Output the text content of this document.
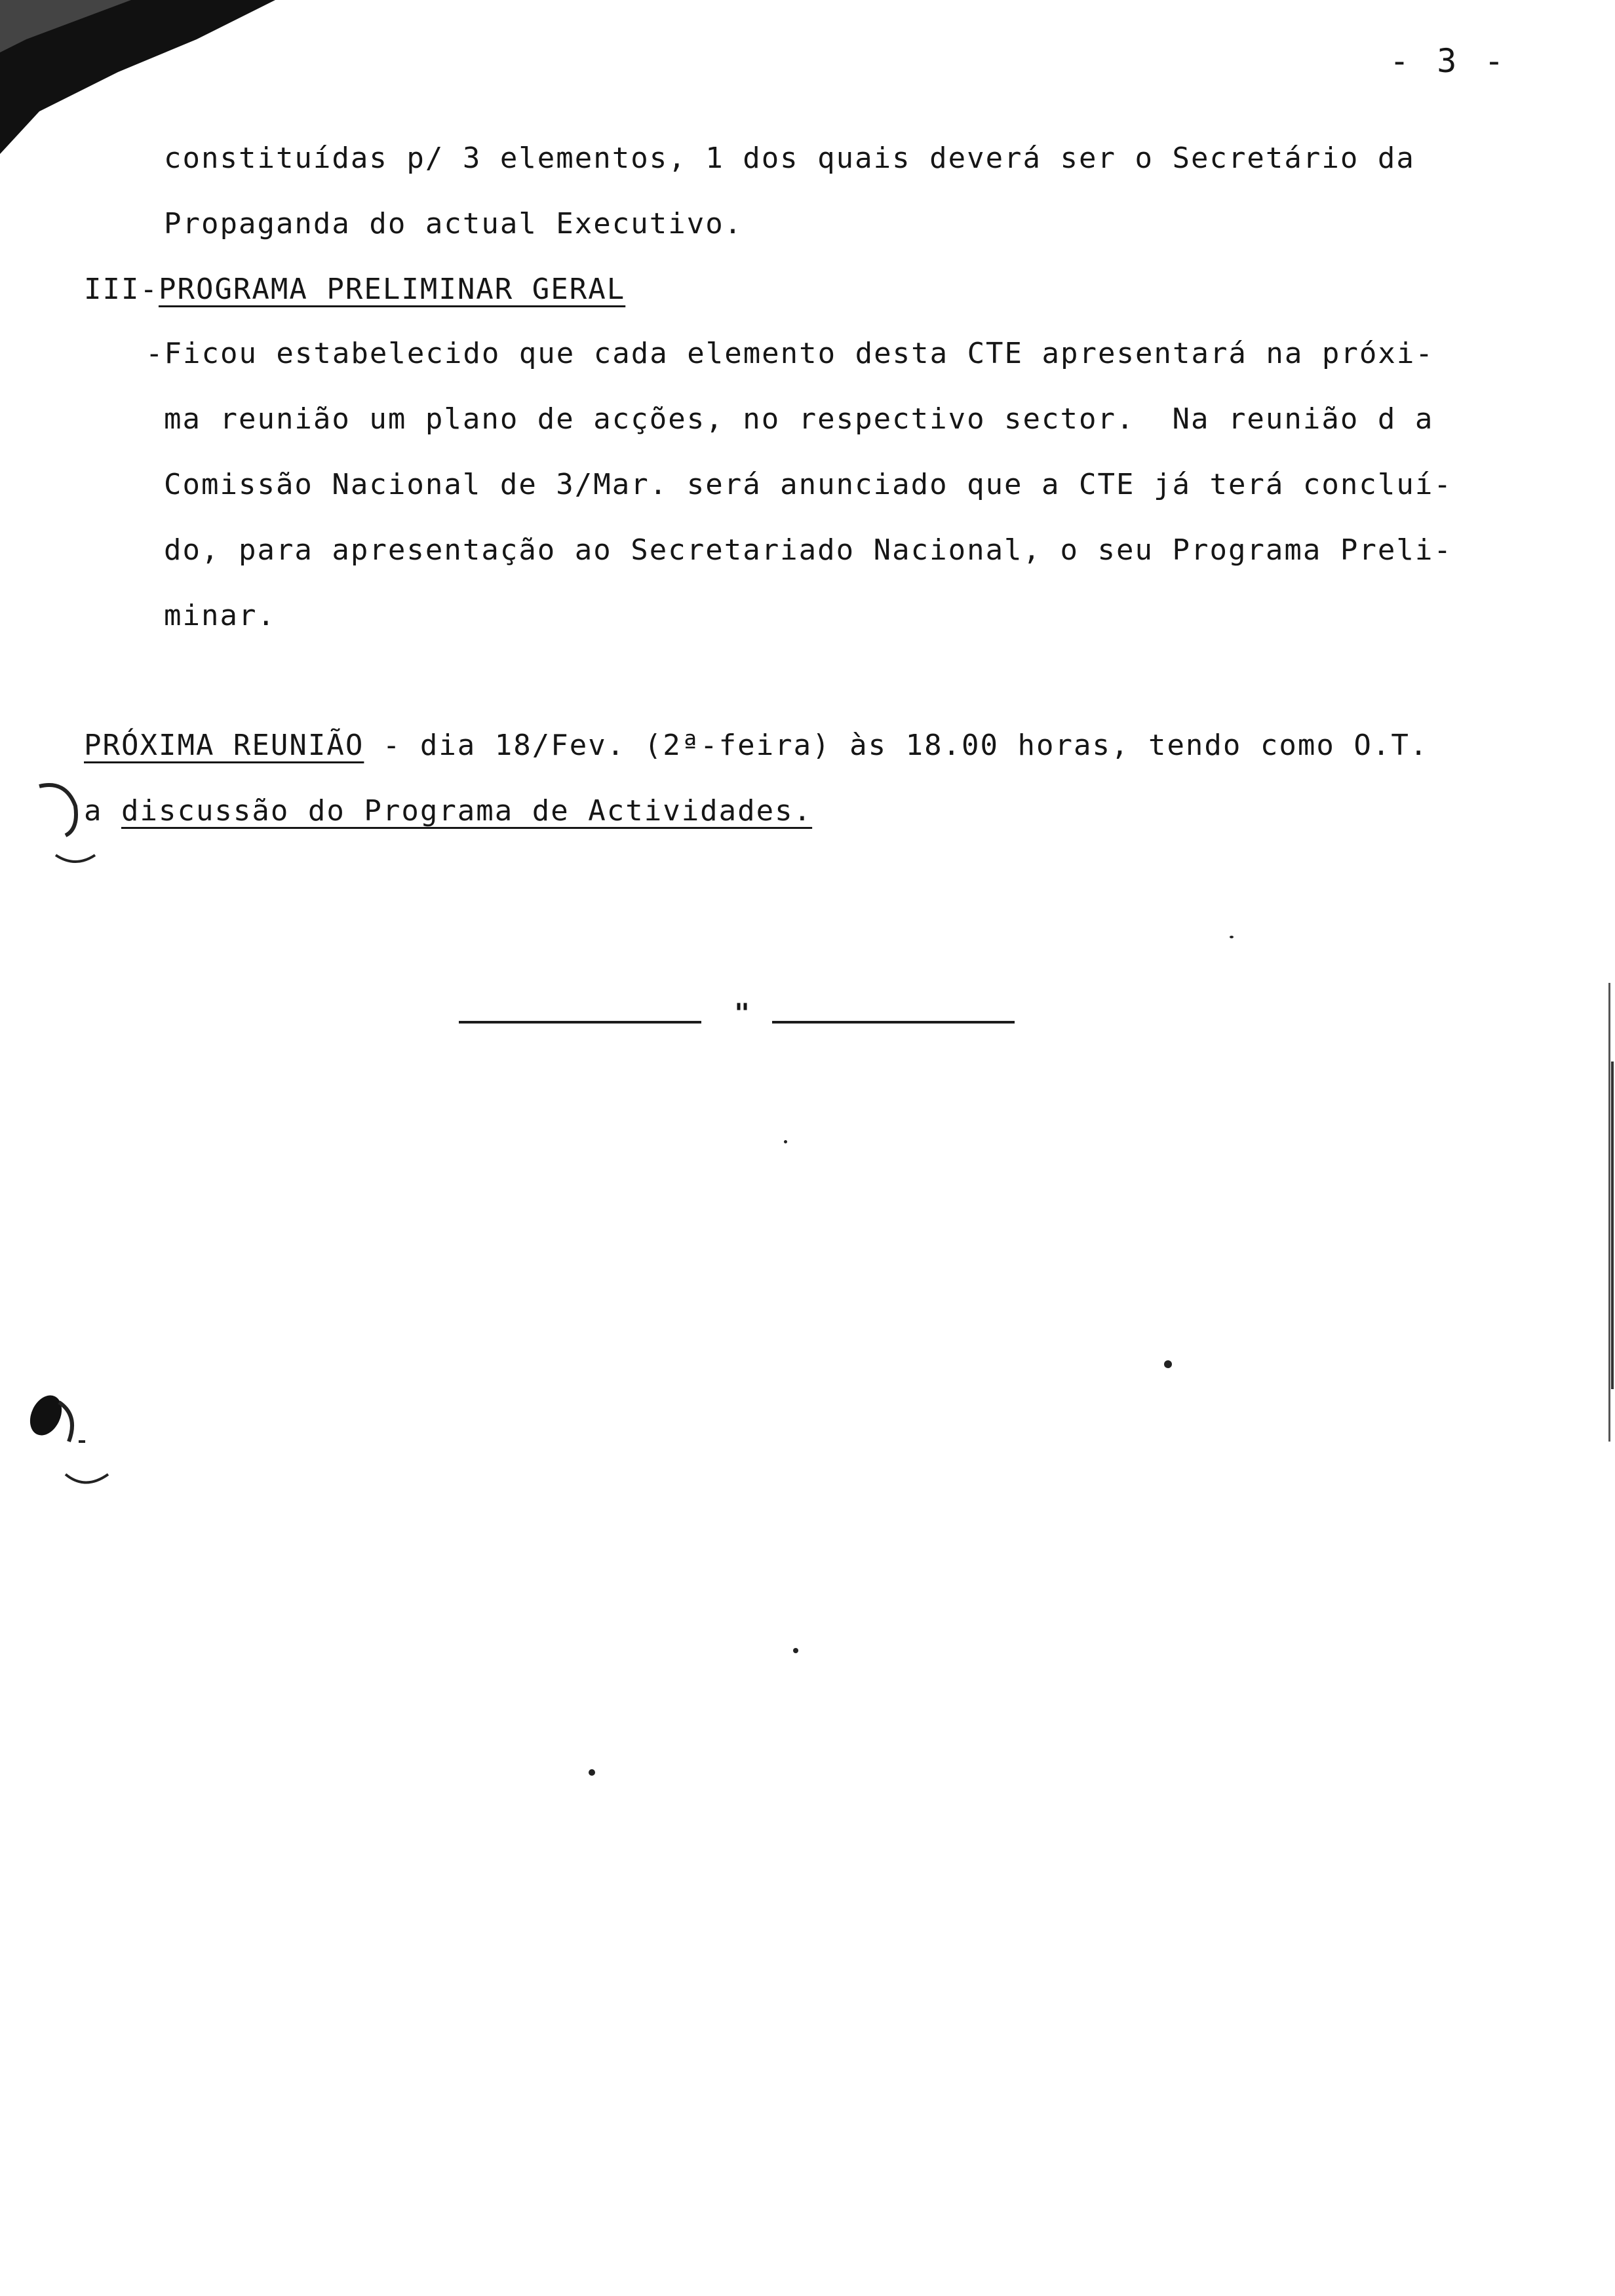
- 3 -
constituídas p/ 3 elementos, 1 dos quais deverá ser o Secretário da
Propaganda do actual Executivo.
III-PROGRAMA PRELIMINAR GERAL
-Ficou estabelecido que cada elemento desta CTE apresentará na próxi-
ma reunião um plano de acções, no respectivo sector.  Na reunião d a
Comissão Nacional de 3/Mar. será anunciado que a CTE já terá concluí-
do, para apresentação ao Secretariado Nacional, o seu Programa Preli-
minar.
PRÓXIMA REUNIÃO - dia 18/Fev. (2ª-feira) às 18.00 horas, tendo como O.T.
a discussão do Programa de Actividades.
"
